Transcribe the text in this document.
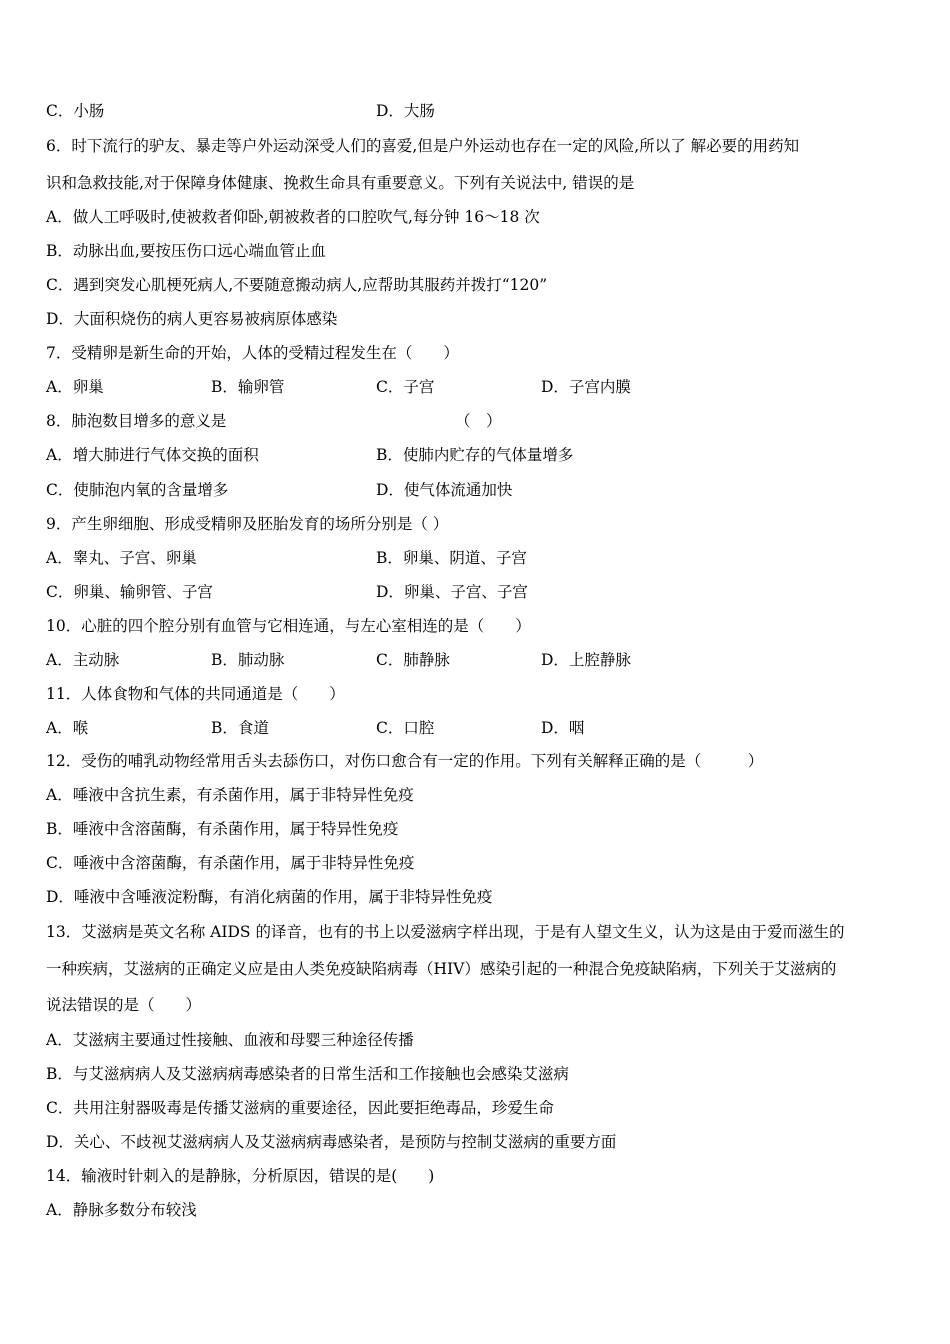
C．小肠	D．大肠
6．时下流行的驴友、暴走等户外运动深受人们的喜爱,但是户外运动也存在一定的风险,所以了 解必要的用药知
识和急救技能,对于保障身体健康、挽救生命具有重要意义。下列有关说法中, 错误的是
A．做人工呼吸时,使被救者仰卧,朝被救者的口腔吹气,每分钟 16～18 次
B．动脉出血,要按压伤口远心端血管止血
C．遇到突发心肌梗死病人,不要随意搬动病人,应帮助其服药并拨打“120”
D．大面积烧伤的病人更容易被病原体感染
7．受精卵是新生命的开始，人体的受精过程发生在（　　）
A．卵巢	B．输卵管	C．子宫	D．子宫内膜
8．肺泡数目增多的意义是	（　）
A．增大肺进行气体交换的面积	B．使肺内贮存的气体量增多
C．使肺泡内氧的含量增多	D．使气体流通加快
9．产生卵细胞、形成受精卵及胚胎发育的场所分别是（ ）
A．睾丸、子宫、卵巢	B．卵巢、阴道、子宫
C．卵巢、输卵管、子宫	D．卵巢、子宫、子宫
10．心脏的四个腔分别有血管与它相连通，与左心室相连的是（　　）
A．主动脉	B．肺动脉	C．肺静脉	D．上腔静脉
11．人体食物和气体的共同通道是（　　）
A．喉	B．食道	C．口腔	D．咽
12．受伤的哺乳动物经常用舌头去舔伤口，对伤口愈合有一定的作用。下列有关解释正确的是（　　　）
A．唾液中含抗生素，有杀菌作用，属于非特异性免疫
B．唾液中含溶菌酶，有杀菌作用，属于特异性免疫
C．唾液中含溶菌酶，有杀菌作用，属于非特异性免疫
D．唾液中含唾液淀粉酶，有消化病菌的作用，属于非特异性免疫
13．艾滋病是英文名称 AIDS 的译音，也有的书上以爱滋病字样出现，于是有人望文生义，认为这是由于爱而滋生的
一种疾病，艾滋病的正确定义应是由人类免疫缺陷病毒（HIV）感染引起的一种混合免疫缺陷病，下列关于艾滋病的
说法错误的是（　　）
A．艾滋病主要通过性接触、血液和母婴三种途径传播
B．与艾滋病病人及艾滋病病毒感染者的日常生活和工作接触也会感染艾滋病
C．共用注射器吸毒是传播艾滋病的重要途径，因此要拒绝毒品，珍爱生命
D．关心、不歧视艾滋病病人及艾滋病病毒感染者，是预防与控制艾滋病的重要方面
14．输液时针刺入的是静脉，分析原因，错误的是(　　)
A．静脉多数分布较浅
